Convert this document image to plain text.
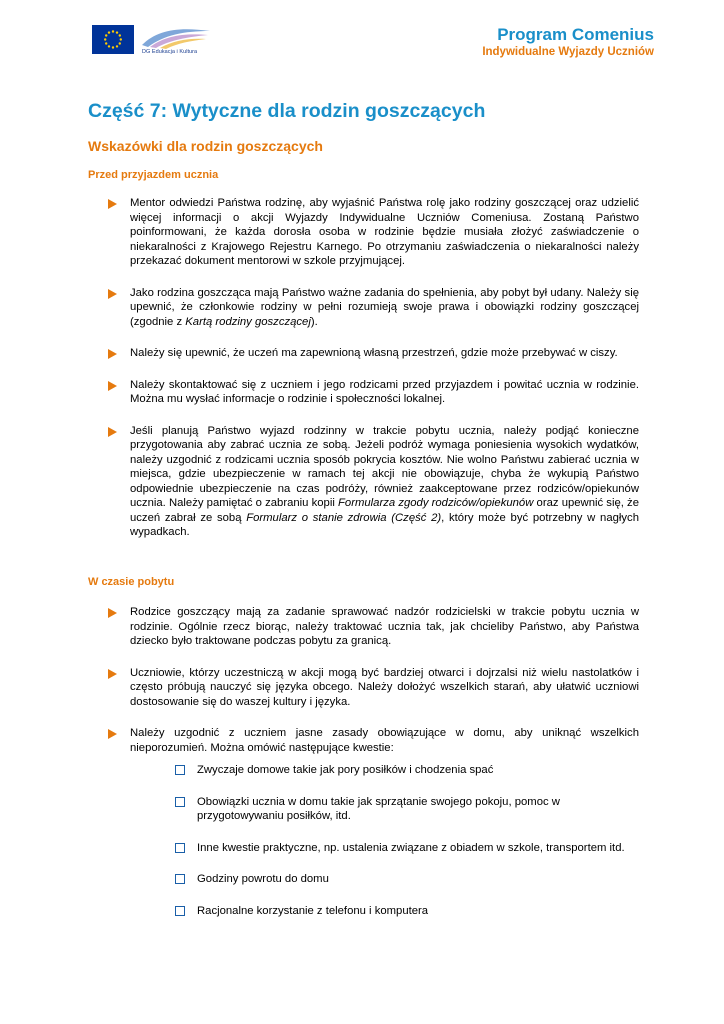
DG Edukacja i Kultura
Program Comenius
Indywidualne Wyjazdy Uczniów
Część 7: Wytyczne dla rodzin goszczących
Wskazówki dla rodzin goszczących
Przed przyjazdem ucznia
Mentor odwiedzi Państwa rodzinę, aby wyjaśnić Państwa rolę jako rodziny goszczącej oraz udzielić więcej informacji o akcji Wyjazdy Indywidualne Uczniów Comeniusa. Zostaną Państwo poinformowani, że każda dorosła osoba w rodzinie będzie musiała złożyć zaświadczenie o niekaralności z Krajowego Rejestru Karnego. Po otrzymaniu zaświadczenia o niekaralności należy przekazać dokument mentorowi w szkole przyjmującej.
Jako rodzina goszcząca mają Państwo ważne zadania do spełnienia, aby pobyt był udany. Należy się upewnić, że członkowie rodziny w pełni rozumieją swoje prawa i obowiązki rodziny goszczącej (zgodnie z Kartą rodziny goszczącej).
Należy się upewnić, że uczeń ma zapewnioną własną przestrzeń, gdzie może przebywać w ciszy.
Należy skontaktować się z uczniem i jego rodzicami przed przyjazdem i powitać ucznia w rodzinie. Można mu wysłać informacje o rodzinie i społeczności lokalnej.
Jeśli planują Państwo wyjazd rodzinny w trakcie pobytu ucznia, należy podjąć konieczne przygotowania aby zabrać ucznia ze sobą. Jeżeli podróż wymaga poniesienia wysokich wydatków, należy uzgodnić z rodzicami ucznia sposób pokrycia kosztów. Nie wolno Państwu zabierać ucznia w miejsca, gdzie ubezpieczenie w ramach tej akcji nie obowiązuje, chyba że wykupią Państwo odpowiednie ubezpieczenie na czas podróży, również zaakceptowane przez rodziców/opiekunów ucznia. Należy pamiętać o zabraniu kopii Formularza zgody rodziców/opiekunów oraz upewnić się, że uczeń zabrał ze sobą Formularz o stanie zdrowia (Część 2), który może być potrzebny w nagłych wypadkach.
W czasie pobytu
Rodzice goszczący mają za zadanie sprawować nadzór rodzicielski w trakcie pobytu ucznia w rodzinie. Ogólnie rzecz biorąc, należy traktować ucznia tak, jak chcieliby Państwo, aby Państwa dziecko było traktowane podczas pobytu za granicą.
Uczniowie, którzy uczestniczą w akcji mogą być bardziej otwarci i dojrzalsi niż wielu nastolatków i często próbują nauczyć się języka obcego. Należy dołożyć wszelkich starań, aby ułatwić uczniowi dostosowanie się do waszej kultury i języka.
Należy uzgodnić z uczniem jasne zasady obowiązujące w domu, aby uniknąć wszelkich nieporozumień. Można omówić następujące kwestie:
Zwyczaje domowe takie jak pory posiłków i chodzenia spać
Obowiązki ucznia w domu takie jak sprzątanie swojego pokoju, pomoc w przygotowywaniu posiłków, itd.
Inne kwestie praktyczne, np. ustalenia związane z obiadem w szkole, transportem itd.
Godziny powrotu do domu
Racjonalne korzystanie z telefonu i komputera
